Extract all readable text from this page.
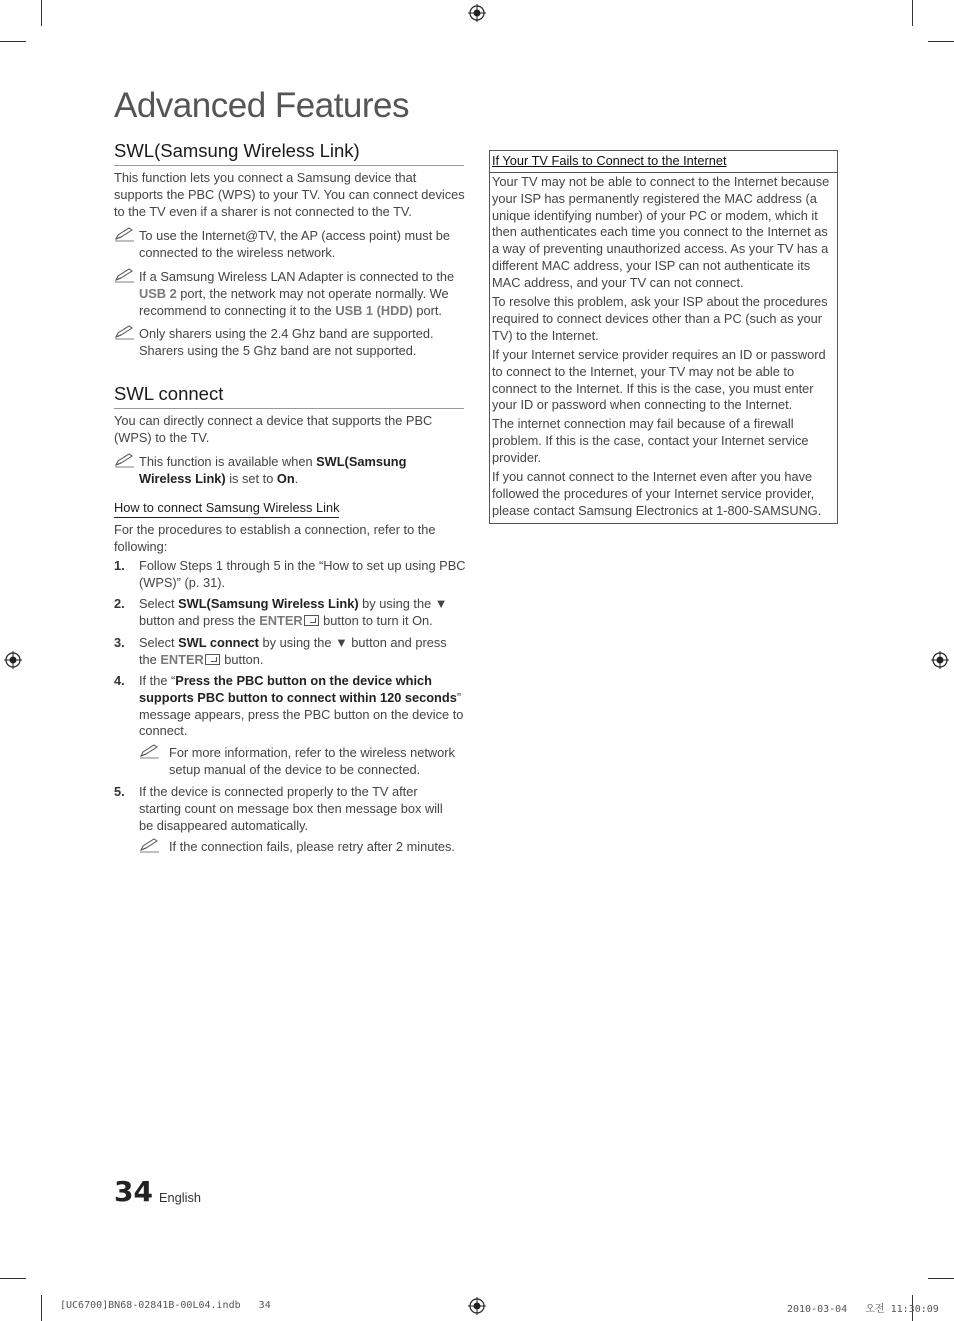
Advanced Features
SWL(Samsung Wireless Link)
This function lets you connect a Samsung device that supports the PBC (WPS) to your TV. You can connect devices to the TV even if a sharer is not connected to the TV.
To use the Internet@TV, the AP (access point) must be connected to the wireless network.
If a Samsung Wireless LAN Adapter is connected to the USB 2 port, the network may not operate normally. We recommend to connecting it to the USB 1 (HDD) port.
Only sharers using the 2.4 Ghz band are supported. Sharers using the 5 Ghz band are not supported.
SWL connect
You can directly connect a device that supports the PBC (WPS) to the TV.
This function is available when SWL(Samsung Wireless Link) is set to On.
How to connect Samsung Wireless Link
For the procedures to establish a connection, refer to the following:
1. Follow Steps 1 through 5 in the “How to set up using PBC (WPS)” (p. 31).
2. Select SWL(Samsung Wireless Link) by using the ▼ button and press the ENTER button to turn it On.
3. Select SWL connect by using the ▼ button and press the ENTER button.
4. If the “Press the PBC button on the device which supports PBC button to connect within 120 seconds” message appears, press the PBC button on the device to connect.
For more information, refer to the wireless network setup manual of the device to be connected.
5. If the device is connected properly to the TV after starting count on message box then message box will be disappeared automatically.
If the connection fails, please retry after 2 minutes.
If Your TV Fails to Connect to the Internet
Your TV may not be able to connect to the Internet because your ISP has permanently registered the MAC address (a unique identifying number) of your PC or modem, which it then authenticates each time you connect to the Internet as a way of preventing unauthorized access. As your TV has a different MAC address, your ISP can not authenticate its MAC address, and your TV can not connect.
To resolve this problem, ask your ISP about the procedures required to connect devices other than a PC (such as your TV) to the Internet.
If your Internet service provider requires an ID or password to connect to the Internet, your TV may not be able to connect to the Internet. If this is the case, you must enter your ID or password when connecting to the Internet.
The internet connection may fail because of a firewall problem. If this is the case, contact your Internet service provider.
If you cannot connect to the Internet even after you have followed the procedures of your Internet service provider, please contact Samsung Electronics at 1-800-SAMSUNG.
34 English
[UC6700]BN68-02841B-00L04.indb   34	2010-03-04   오전 11:30:09
